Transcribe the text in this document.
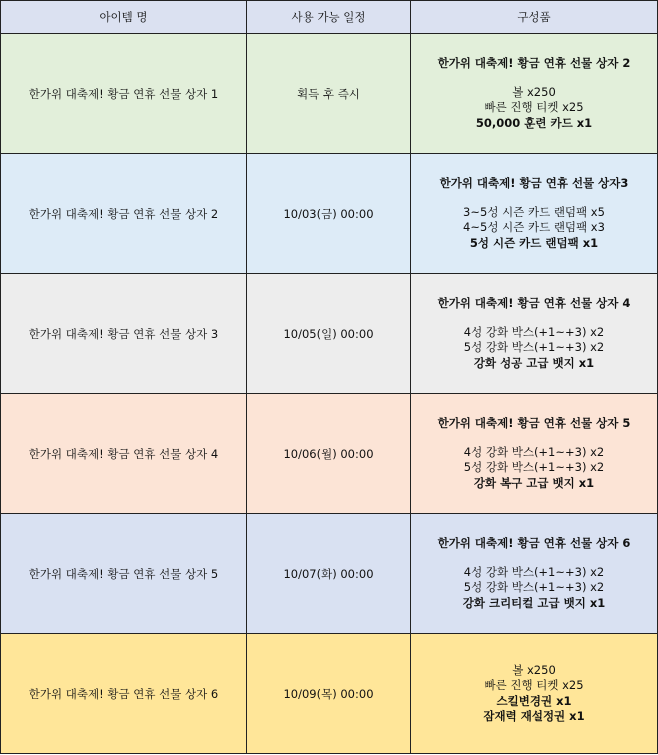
아이템 명	사용 가능 일정	구성품
한가위 대축제! 황금 연휴 선물 상자 1	획득 후 즉시	한가위 대축제! 황금 연휴 선물 상자 2
볼 x250
빠른 진행 티켓 x25
50,000 훈련 카드 x1

한가위 대축제! 황금 연휴 선물 상자 2	10/03(금) 00:00	한가위 대축제! 황금 연휴 선물 상자3
3~5성 시즌 카드 랜덤팩 x5
4~5성 시즌 카드 랜덤팩 x3
5성 시즌 카드 랜덤팩 x1

한가위 대축제! 황금 연휴 선물 상자 3	10/05(일) 00:00	한가위 대축제! 황금 연휴 선물 상자 4
4성 강화 박스(+1~+3) x2
5성 강화 박스(+1~+3) x2
강화 성공 고급 뱃지 x1

한가위 대축제! 황금 연휴 선물 상자 4	10/06(월) 00:00	한가위 대축제! 황금 연휴 선물 상자 5
4성 강화 박스(+1~+3) x2
5성 강화 박스(+1~+3) x2
강화 복구 고급 뱃지 x1

한가위 대축제! 황금 연휴 선물 상자 5	10/07(화) 00:00	한가위 대축제! 황금 연휴 선물 상자 6
4성 강화 박스(+1~+3) x2
5성 강화 박스(+1~+3) x2
강화 크리티컬 고급 뱃지 x1

한가위 대축제! 황금 연휴 선물 상자 6	10/09(목) 00:00	볼 x250
빠른 진행 티켓 x25
스킬변경권 x1
잠재력 재설정권 x1
